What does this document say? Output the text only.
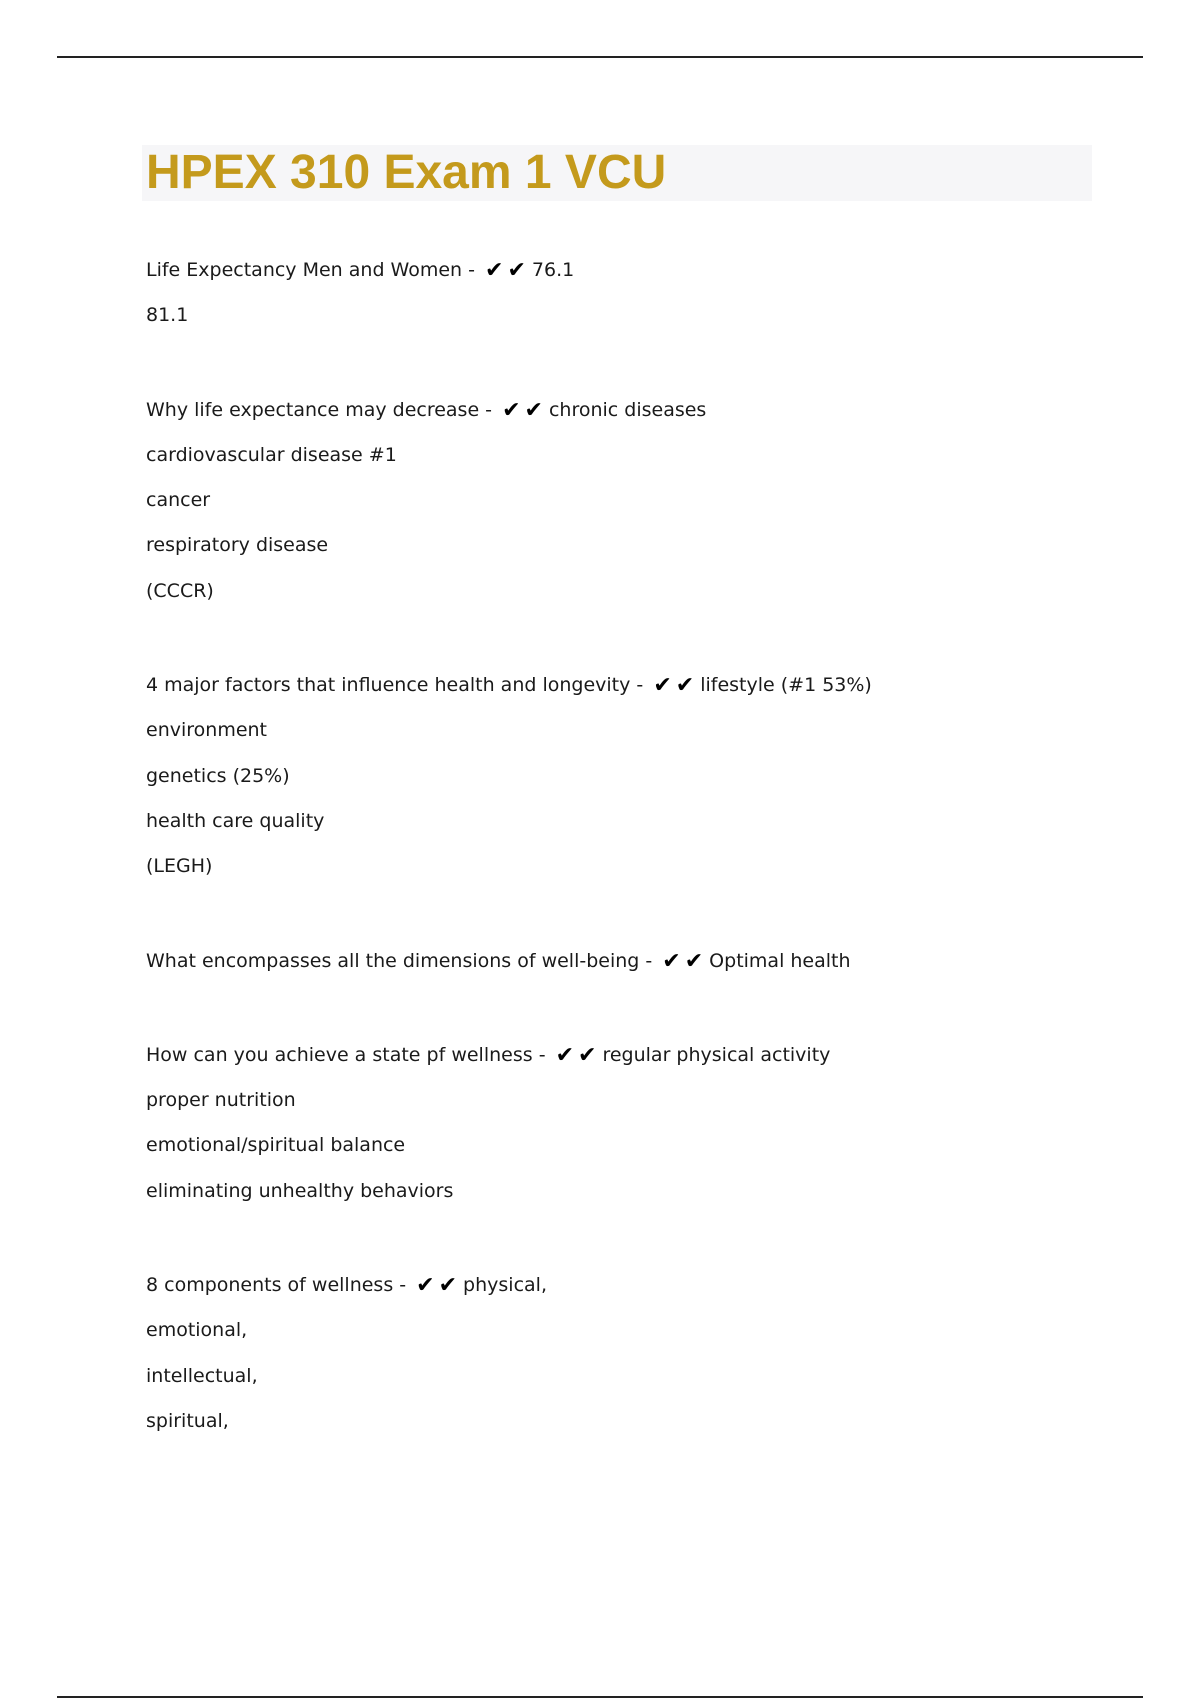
HPEX 310 Exam 1 VCU
Life Expectancy Men and Women - ✔✔ 76.1
81.1
Why life expectance may decrease - ✔✔ chronic diseases
cardiovascular disease #1
cancer
respiratory disease
(CCCR)
4 major factors that influence health and longevity - ✔✔ lifestyle (#1 53%)
environment
genetics (25%)
health care quality
(LEGH)
What encompasses all the dimensions of well-being - ✔✔ Optimal health
How can you achieve a state pf wellness - ✔✔ regular physical activity
proper nutrition
emotional/spiritual balance
eliminating unhealthy behaviors
8 components of wellness - ✔✔ physical,
emotional,
intellectual,
spiritual,
